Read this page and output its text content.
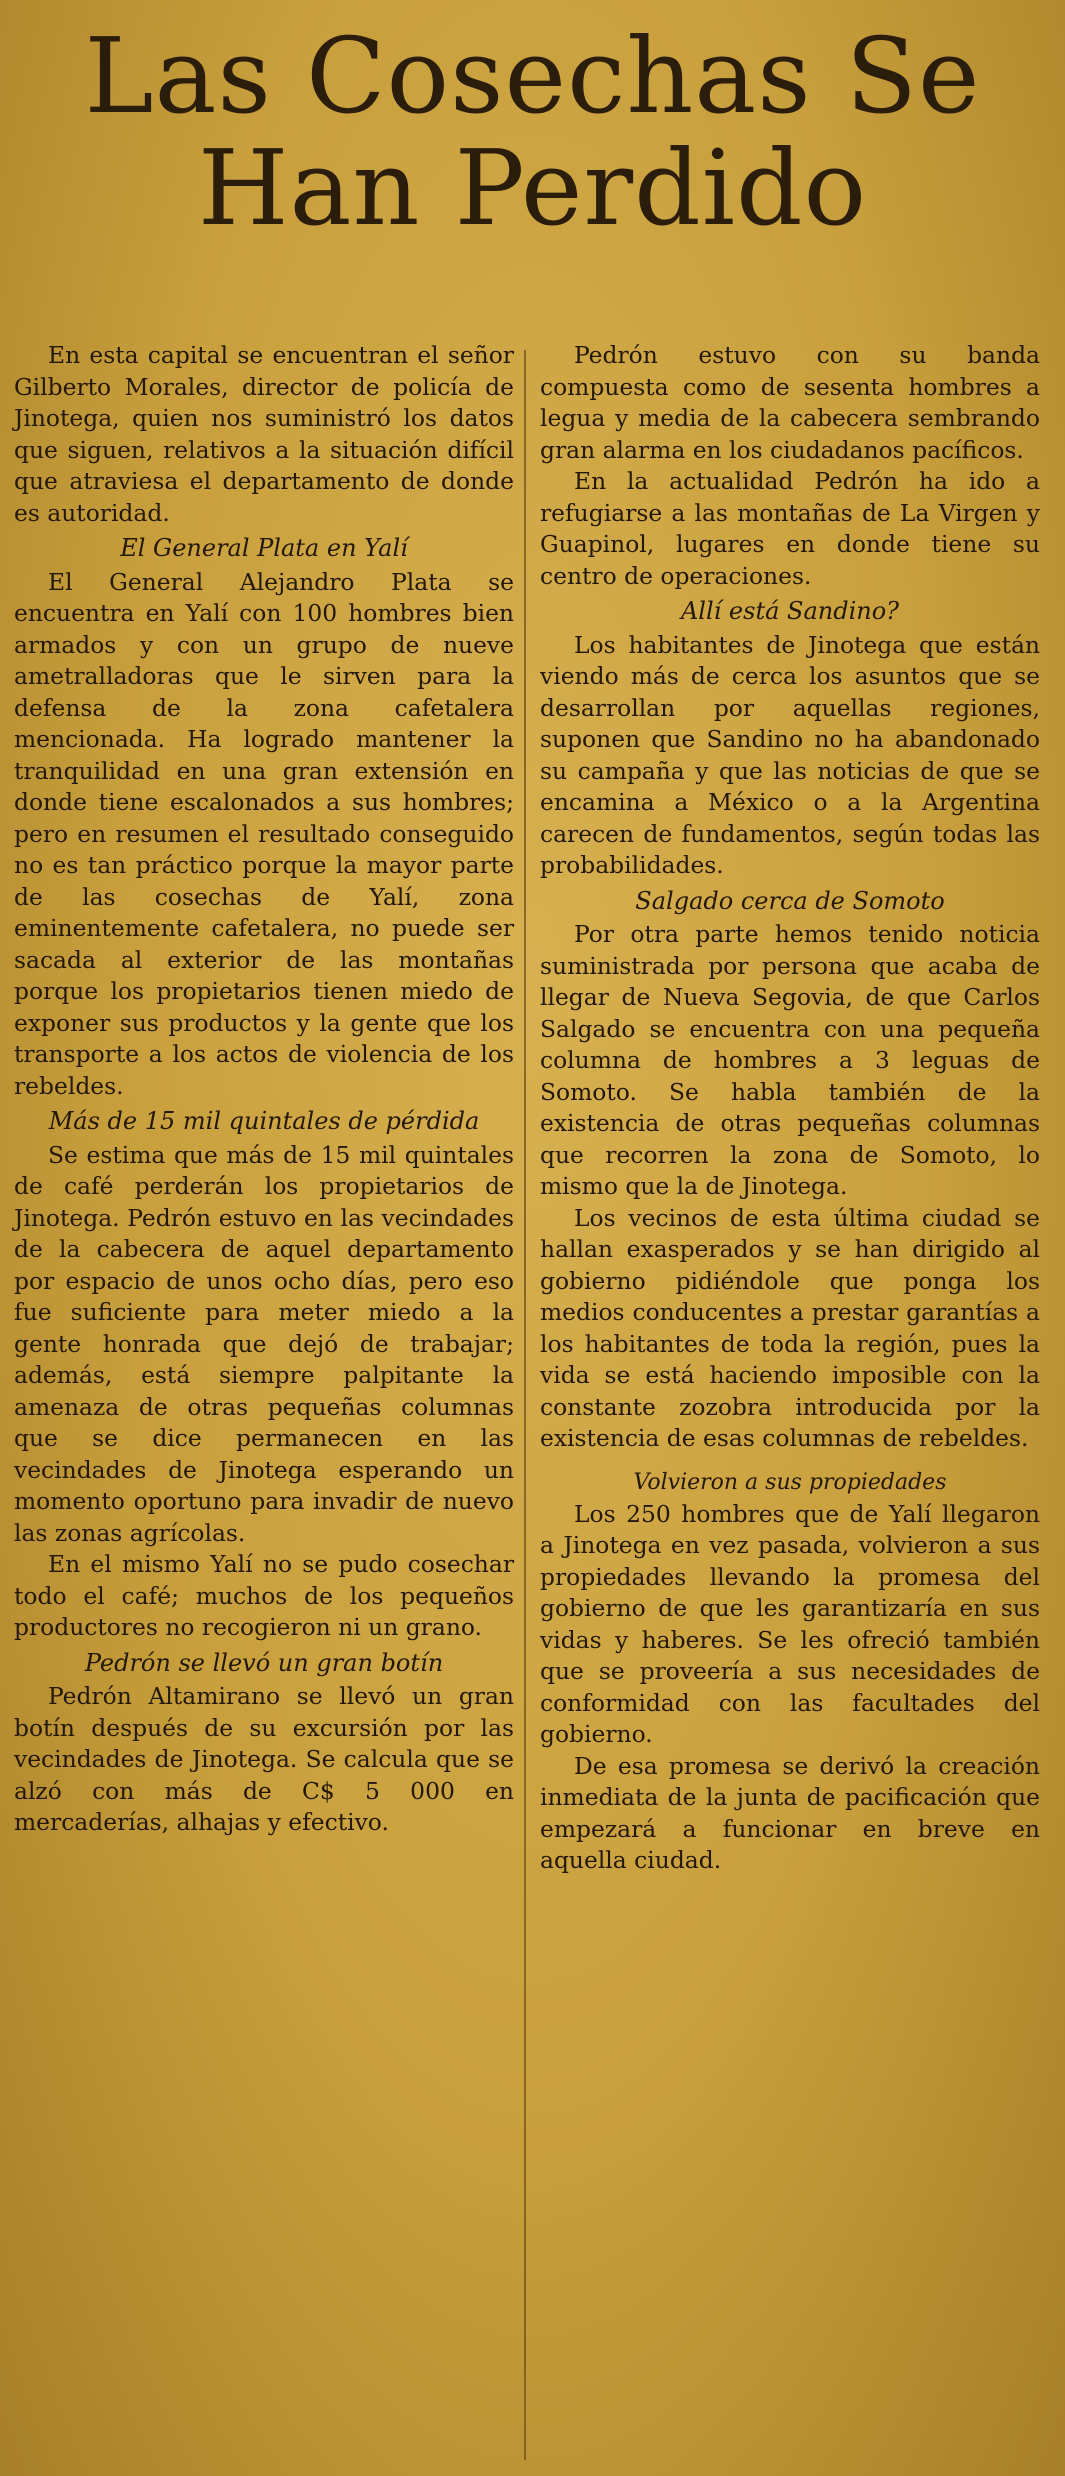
Las Cosechas Se
Han Perdido

En esta capital se encuentran el señor Gilberto Morales, director de policía de Jinotega, quien nos suministró los datos que siguen, relativos a la situación difícil que atraviesa el departamento de donde es autoridad.

El General Plata en Yalí

El General Alejandro Plata se encuentra en Yalí con 100 hombres bien armados y con un grupo de nueve ametralladoras que le sirven para la defensa de la zona cafetalera mencionada. Ha logrado mantener la tranquilidad en una gran extensión en donde tiene escalonados a sus hombres; pero en resumen el resultado conseguido no es tan práctico porque la mayor parte de las cosechas de Yalí, zona eminentemente cafetalera, no puede ser sacada al exterior de las montañas porque los propietarios tienen miedo de exponer sus productos y la gente que los transporte a los actos de violencia de los rebeldes.

Más de 15 mil quintales de pérdida

Se estima que más de 15 mil quintales de café perderán los propietarios de Jinotega. Pedrón estuvo en las vecindades de la cabecera de aquel departamento por espacio de unos ocho días, pero eso fue suficiente para meter miedo a la gente honrada que dejó de trabajar; además, está siempre palpitante la amenaza de otras pequeñas columnas que se dice permanecen en las vecindades de Jinotega esperando un momento oportuno para invadir de nuevo las zonas agrícolas.

En el mismo Yalí no se pudo cosechar todo el café; muchos de los pequeños productores no recogieron ni un grano.

Pedrón se llevó un gran botín

Pedrón Altamirano se llevó un gran botín después de su excursión por las vecindades de Jinotega. Se calcula que se alzó con más de C$ 5 000 en mercaderías, alhajas y efectivo.

Pedrón estuvo con su banda compuesta como de sesenta hombres a legua y media de la cabecera sembrando gran alarma en los ciudadanos pacíficos.

En la actualidad Pedrón ha ido a refugiarse a las montañas de La Virgen y Guapinol, lugares en donde tiene su centro de operaciones.

Allí está Sandino?

Los habitantes de Jinotega que están viendo más de cerca los asuntos que se desarrollan por aquellas regiones, suponen que Sandino no ha abandonado su campaña y que las noticias de que se encamina a México o a la Argentina carecen de fundamentos, según todas las probabilidades.

Salgado cerca de Somoto

Por otra parte hemos tenido noticia suministrada por persona que acaba de llegar de Nueva Segovia, de que Carlos Salgado se encuentra con una pequeña columna de hombres a 3 leguas de Somoto. Se habla también de la existencia de otras pequeñas columnas que recorren la zona de Somoto, lo mismo que la de Jinotega.

Los vecinos de esta última ciudad se hallan exasperados y se han dirigido al gobierno pidiéndole que ponga los medios conducentes a prestar garantías a los habitantes de toda la región, pues la vida se está haciendo imposible con la constante zozobra introducida por la existencia de esas columnas de rebeldes.

Volvieron a sus propiedades

Los 250 hombres que de Yalí llegaron a Jinotega en vez pasada, volvieron a sus propiedades llevando la promesa del gobierno de que les garantizaría en sus vidas y haberes. Se les ofreció también que se proveería a sus necesidades de conformidad con las facultades del gobierno.

De esa promesa se derivó la creación inmediata de la junta de pacificación que empezará a funcionar en breve en aquella ciudad.
